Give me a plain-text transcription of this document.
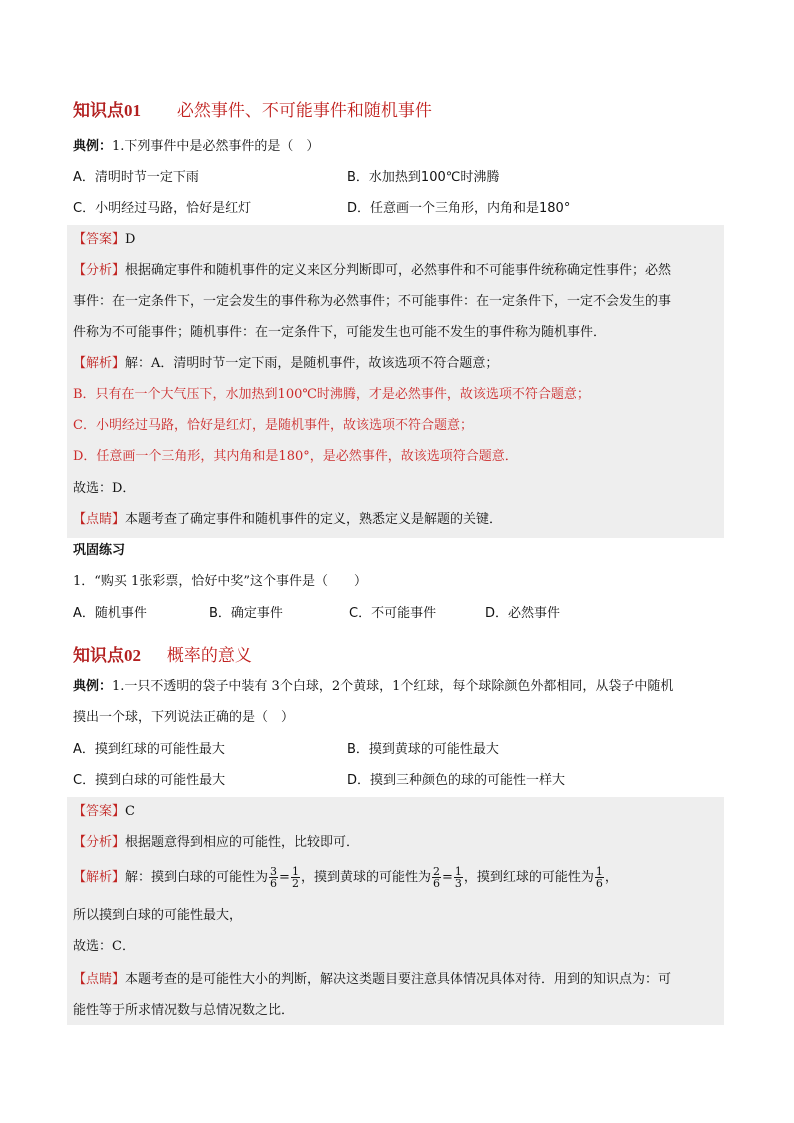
知识点01 必然事件、不可能事件和随机事件
典例：1.下列事件中是必然事件的是（　）
A．清明时节一定下雨	B．水加热到100℃时沸腾
C．小明经过马路，恰好是红灯	D．任意画一个三角形，内角和是180°
【答案】D
【分析】根据确定事件和随机事件的定义来区分判断即可，必然事件和不可能事件统称确定性事件；必然
事件：在一定条件下，一定会发生的事件称为必然事件；不可能事件：在一定条件下，一定不会发生的事
件称为不可能事件；随机事件：在一定条件下，可能发生也可能不发生的事件称为随机事件．
【解析】解：A．清明时节一定下雨，是随机事件，故该选项不符合题意；
B．只有在一个大气压下，水加热到100℃时沸腾，才是必然事件，故该选项不符合题意；
C．小明经过马路，恰好是红灯，是随机事件，故该选项不符合题意；
D．任意画一个三角形，其内角和是180°，是必然事件，故该选项符合题意．
故选：D．
【点睛】本题考查了确定事件和随机事件的定义，熟悉定义是解题的关键．
巩固练习
1．“购买 1张彩票，恰好中奖”这个事件是（　　）
A．随机事件	B．确定事件	C．不可能事件	D．必然事件
知识点02 概率的意义
典例：1.一只不透明的袋子中装有 3个白球，2个黄球，1个红球，每个球除颜色外都相同，从袋子中随机
摸出一个球，下列说法正确的是（　）
A．摸到红球的可能性最大	B．摸到黄球的可能性最大
C．摸到白球的可能性最大	D．摸到三种颜色的球的可能性一样大
【答案】C
【分析】根据题意得到相应的可能性，比较即可．
【解析】解：摸到白球的可能性为 $\frac{3}{6} = \frac{1}{2}$ ，摸到黄球的可能性为 $\frac{2}{6} = \frac{1}{3}$ ，摸到红球的可能性为 $\frac{1}{6}$ ，
所以摸到白球的可能性最大，
故选：C．
【点睛】本题考查的是可能性大小的判断，解决这类题目要注意具体情况具体对待．用到的知识点为：可
能性等于所求情况数与总情况数之比．
